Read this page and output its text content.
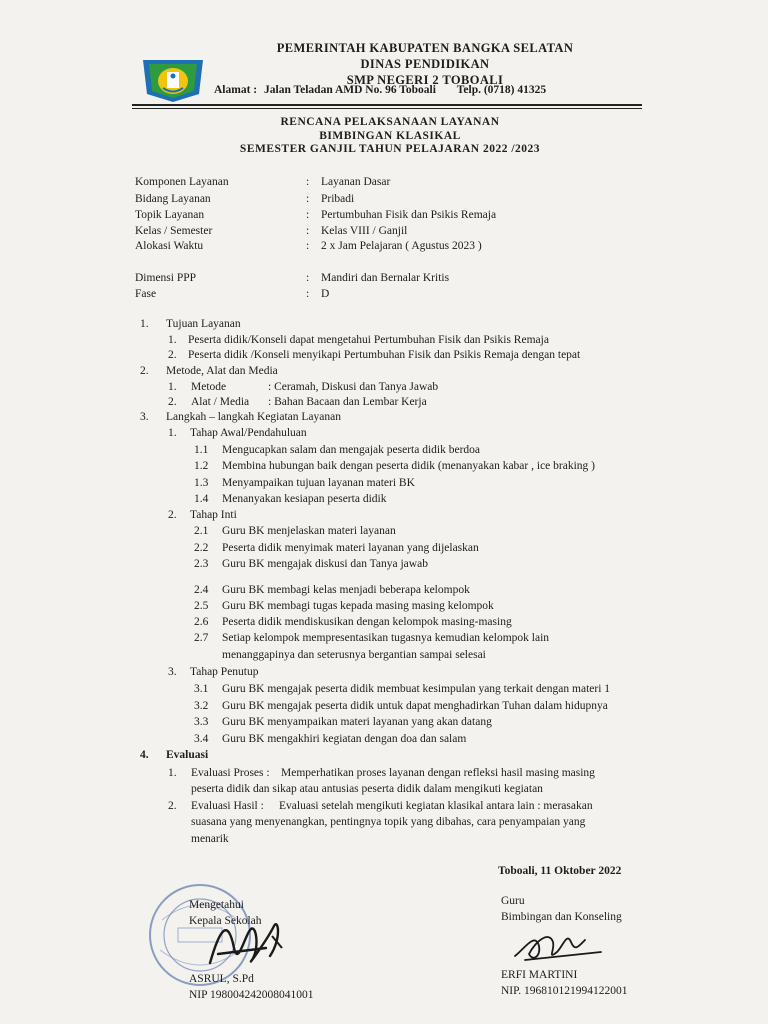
PEMERINTAH KABUPATEN BANGKA SELATAN
DINAS PENDIDIKAN
SMP NEGERI 2 TOBOALI
Alamat : Jalan Teladan AMD No. 96 Toboali Telp. (0718) 41325
RENCANA PELAKSANAAN LAYANAN
BIMBINGAN KLASIKAL
SEMESTER GANJIL TAHUN PELAJARAN 2022 /2023
Komponen Layanan	: Layanan Dasar
Bidang Layanan	: Pribadi
Topik Layanan	: Pertumbuhan Fisik dan Psikis Remaja
Kelas / Semester	: Kelas VIII / Ganjil
Alokasi Waktu	: 2 x Jam Pelajaran ( Agustus 2023 )
Dimensi PPP	: Mandiri dan Bernalar Kritis
Fase	: D
1. Tujuan Layanan
1. Peserta didik/Konseli dapat mengetahui Pertumbuhan Fisik dan Psikis Remaja
2. Peserta didik /Konseli menyikapi Pertumbuhan Fisik dan Psikis Remaja dengan tepat
2. Metode, Alat dan Media
1. Metode	: Ceramah, Diskusi dan Tanya Jawab
2. Alat / Media : Bahan Bacaan dan Lembar Kerja
3. Langkah – langkah Kegiatan Layanan
1. Tahap Awal/Pendahuluan
1.1 Mengucapkan salam dan mengajak peserta didik berdoa
1.2 Membina hubungan baik dengan peserta didik (menanyakan kabar , ice braking )
1.3 Menyampaikan tujuan layanan materi BK
1.4 Menanyakan kesiapan peserta didik
2. Tahap Inti
2.1 Guru BK menjelaskan materi layanan
2.2 Peserta didik menyimak materi layanan yang dijelaskan
2.3 Guru BK mengajak diskusi dan Tanya jawab
2.4 Guru BK membagi kelas menjadi beberapa kelompok
2.5 Guru BK membagi tugas kepada masing masing kelompok
2.6 Peserta didik mendiskusikan dengan kelompok masing-masing
2.7 Setiap kelompok mempresentasikan tugasnya kemudian kelompok lain
menanggapinya dan seterusnya bergantian sampai selesai
3. Tahap Penutup
3.1 Guru BK mengajak peserta didik membuat kesimpulan yang terkait dengan materi 1
3.2 Guru BK mengajak peserta didik untuk dapat menghadirkan Tuhan dalam hidupnya
3.3 Guru BK menyampaikan materi layanan yang akan datang
3.4 Guru BK mengakhiri kegiatan dengan doa dan salam
4. Evaluasi
1. Evaluasi Proses : Memperhatikan proses layanan dengan refleksi hasil masing masing
peserta didik dan sikap atau antusias peserta didik dalam mengikuti kegiatan
2. Evaluasi Hasil : Evaluasi setelah mengikuti kegiatan klasikal antara lain : merasakan
suasana yang menyenangkan, pentingnya topik yang dibahas, cara penyampaian yang
menarik
Toboali, 11 Oktober 2022
Mengetahui
Kepala Sekolah
ASRUL, S.Pd
NIP 198004242008041001
Guru
Bimbingan dan Konseling
ERFI MARTINI
NIP. 196810121994122001
